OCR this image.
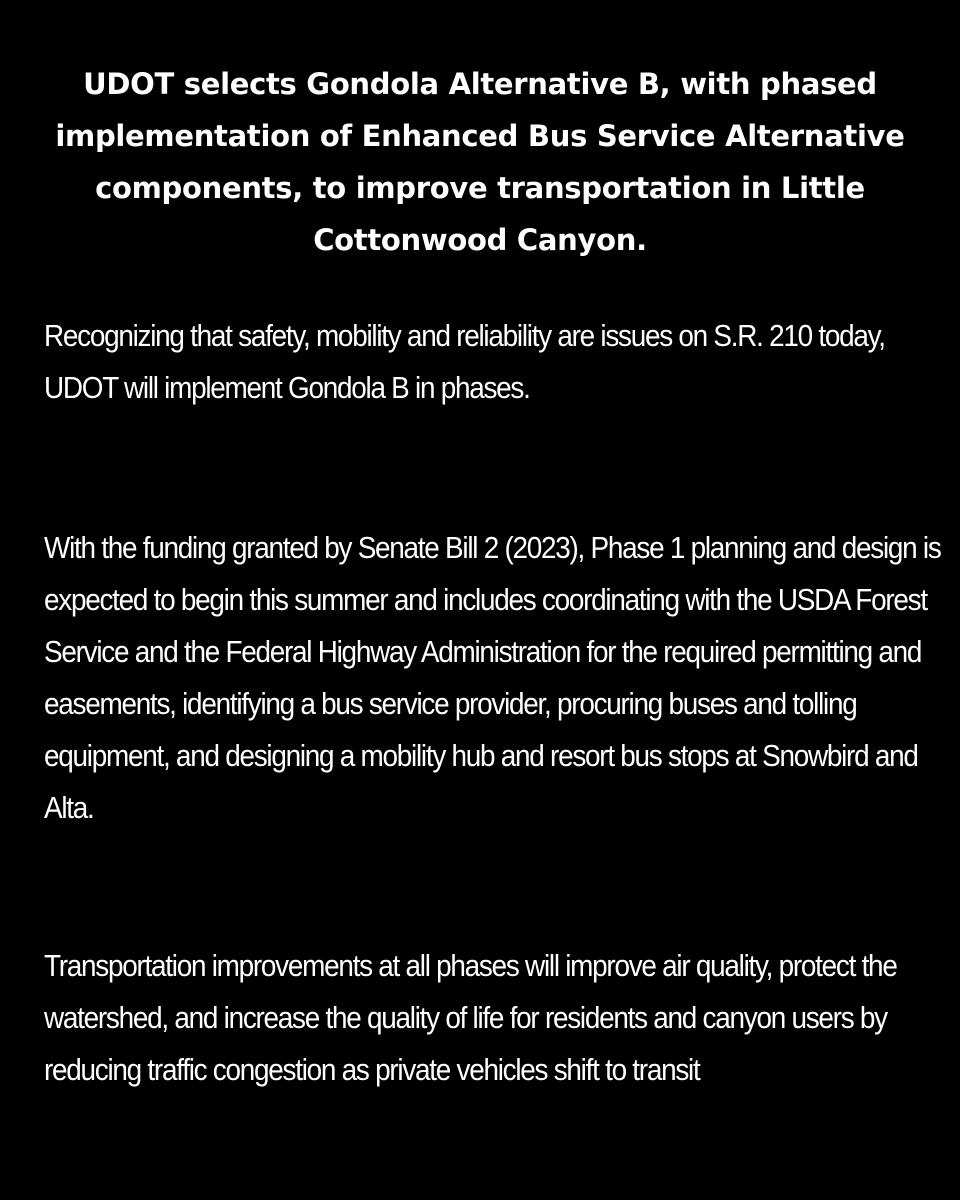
UDOT selects Gondola Alternative B, with phased implementation of Enhanced Bus Service Alternative components, to improve transportation in Little Cottonwood Canyon.

Recognizing that safety, mobility and reliability are issues on S.R. 210 today, UDOT will implement Gondola B in phases.

With the funding granted by Senate Bill 2 (2023), Phase 1 planning and design is expected to begin this summer and includes coordinating with the USDA Forest Service and the Federal Highway Administration for the required permitting and easements, identifying a bus service provider, procuring buses and tolling equipment, and designing a mobility hub and resort bus stops at Snowbird and Alta.

Transportation improvements at all phases will improve air quality, protect the watershed, and increase the quality of life for residents and canyon users by reducing traffic congestion as private vehicles shift to transit
